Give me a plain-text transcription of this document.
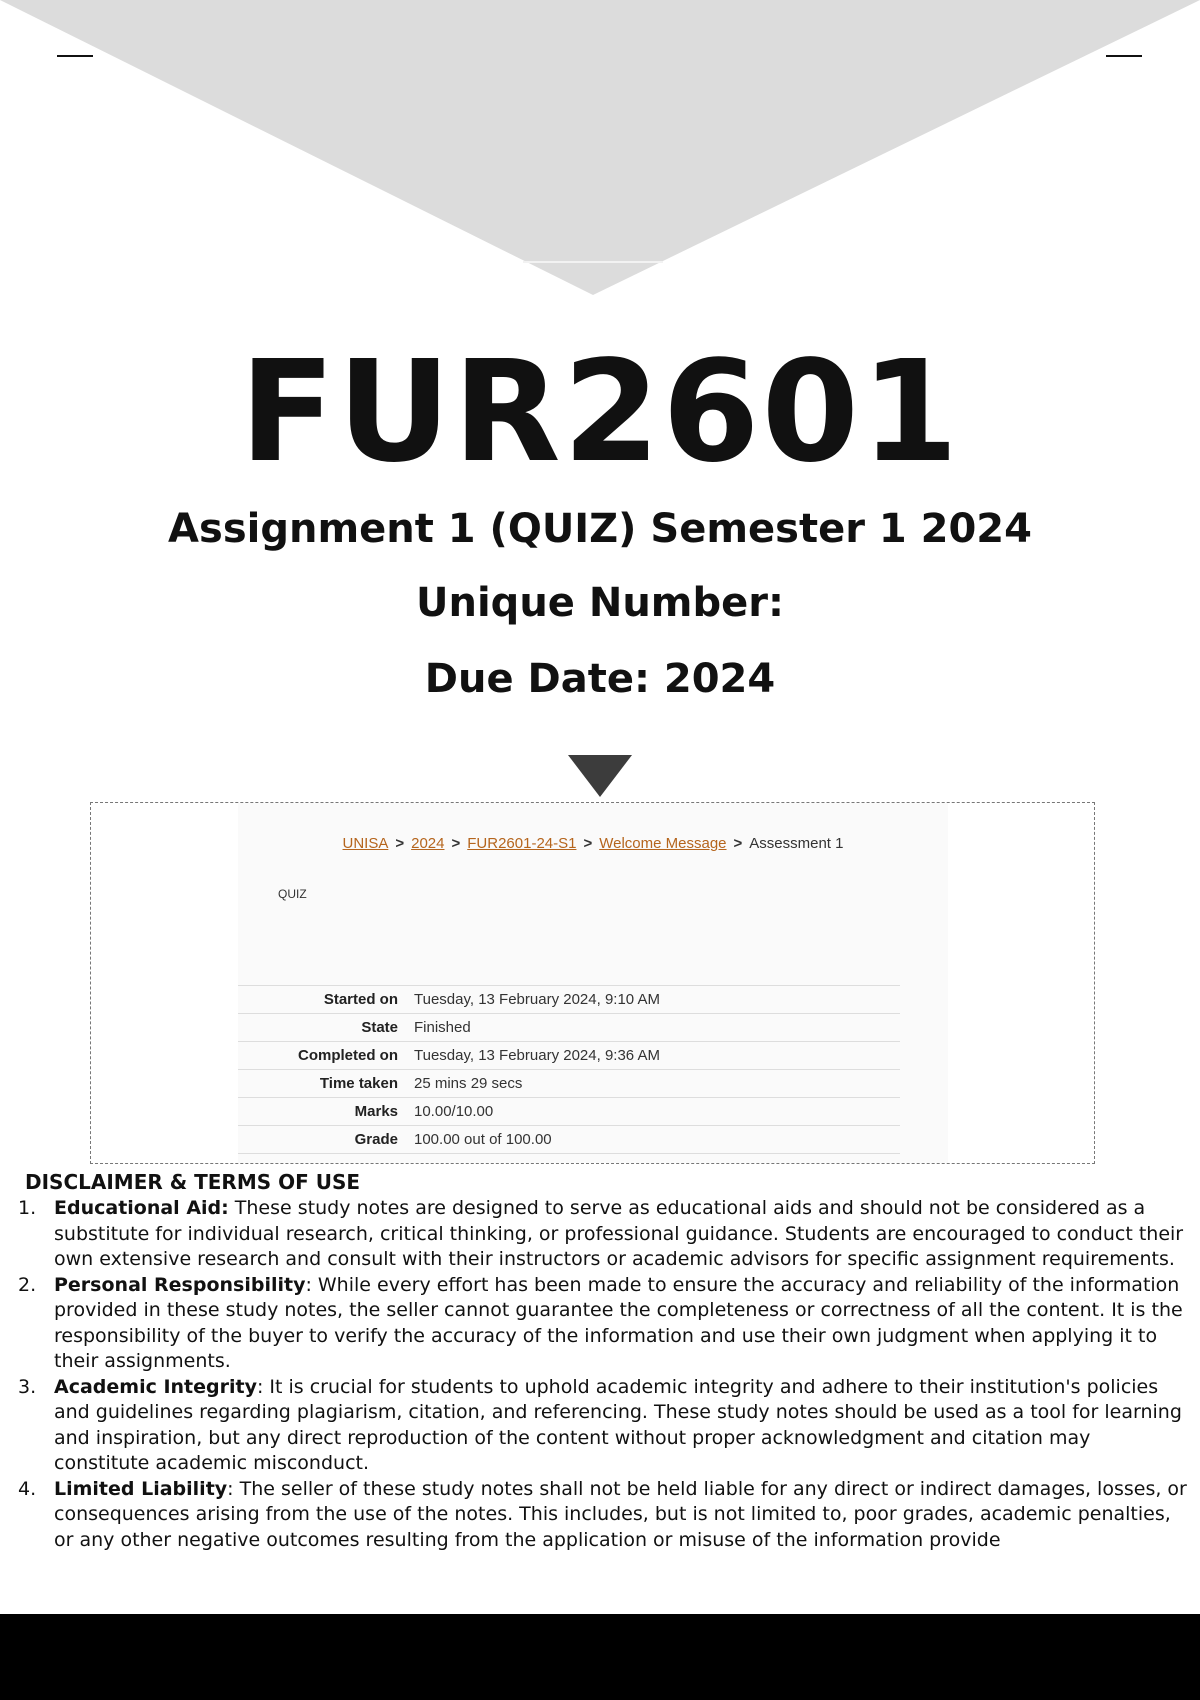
FUR2601
Assignment 1 (QUIZ) Semester 1 2024
Unique Number:
Due Date: 2024
UNISA > 2024 > FUR2601-24-S1 > Welcome Message > Assessment 1
QUIZ
Started on	Tuesday, 13 February 2024, 9:10 AM
State	Finished
Completed on	Tuesday, 13 February 2024, 9:36 AM
Time taken	25 mins 29 secs
Marks	10.00/10.00
Grade	100.00 out of 100.00
DISCLAIMER & TERMS OF USE
1. Educational Aid: These study notes are designed to serve as educational aids and should not be considered as a substitute for individual research, critical thinking, or professional guidance. Students are encouraged to conduct their own extensive research and consult with their instructors or academic advisors for specific assignment requirements.
2. Personal Responsibility: While every effort has been made to ensure the accuracy and reliability of the information provided in these study notes, the seller cannot guarantee the completeness or correctness of all the content. It is the responsibility of the buyer to verify the accuracy of the information and use their own judgment when applying it to their assignments.
3. Academic Integrity: It is crucial for students to uphold academic integrity and adhere to their institution's policies and guidelines regarding plagiarism, citation, and referencing. These study notes should be used as a tool for learning and inspiration, but any direct reproduction of the content without proper acknowledgment and citation may constitute academic misconduct.
4. Limited Liability: The seller of these study notes shall not be held liable for any direct or indirect damages, losses, or consequences arising from the use of the notes. This includes, but is not limited to, poor grades, academic penalties, or any other negative outcomes resulting from the application or misuse of the information provide
